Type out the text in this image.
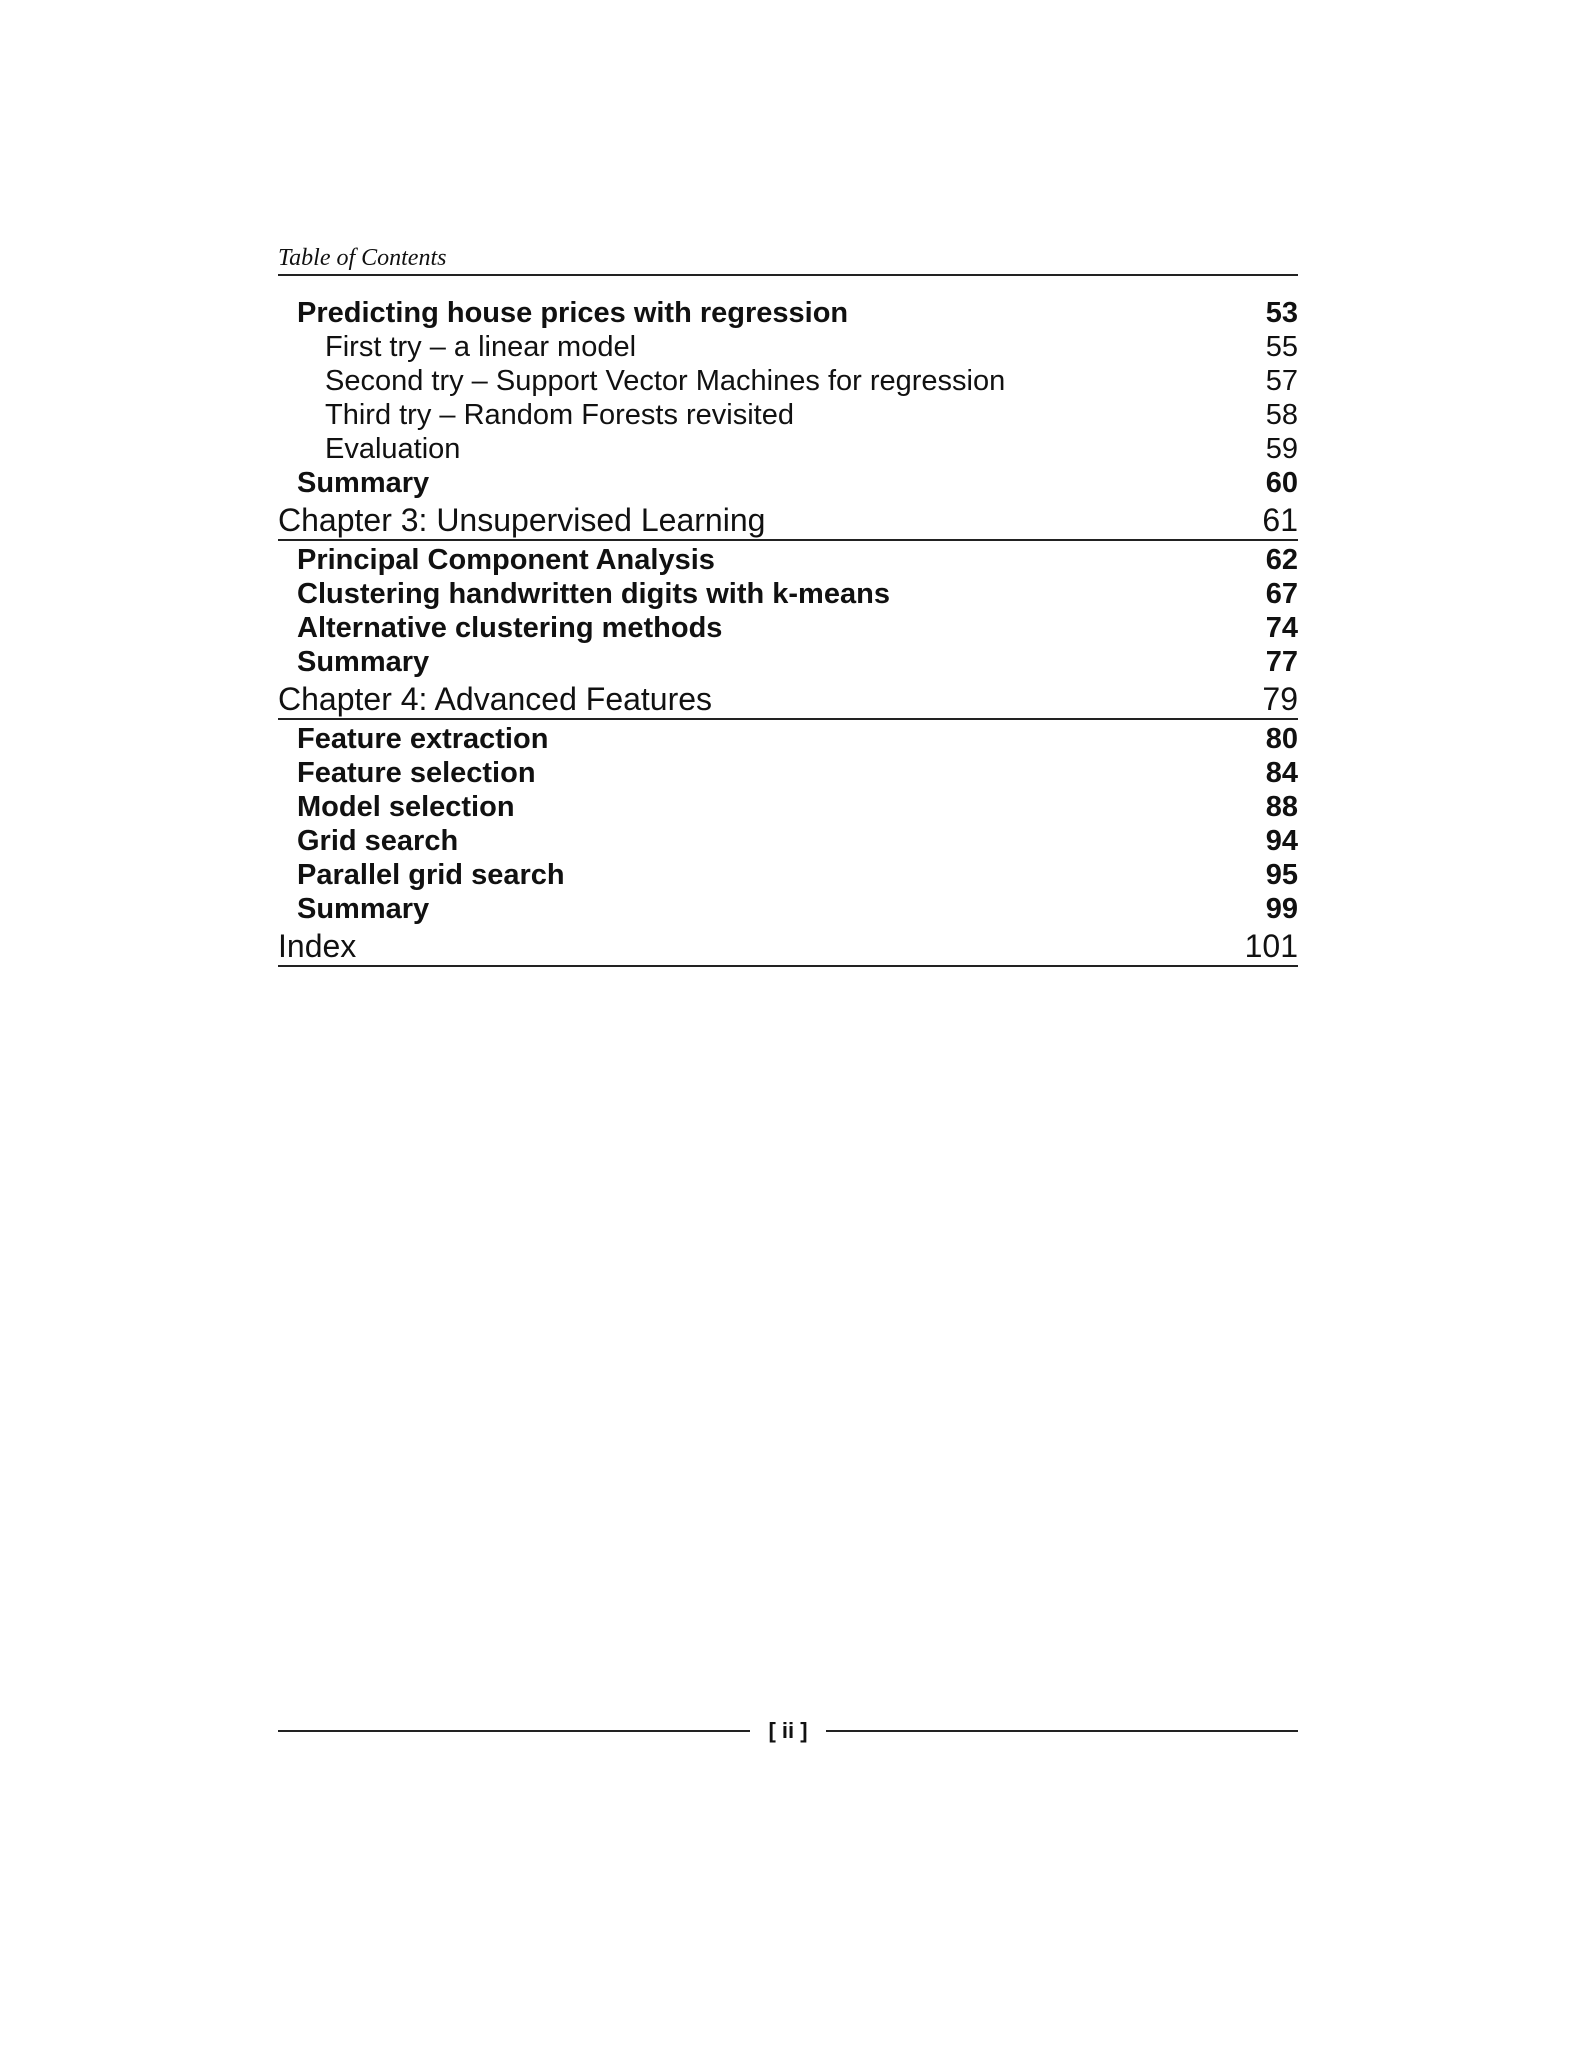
Table of Contents
Predicting house prices with regression	53
First try – a linear model	55
Second try – Support Vector Machines for regression	57
Third try – Random Forests revisited	58
Evaluation	59
Summary	60
Chapter 3: Unsupervised Learning	61
Principal Component Analysis	62
Clustering handwritten digits with k-means	67
Alternative clustering methods	74
Summary	77
Chapter 4: Advanced Features	79
Feature extraction	80
Feature selection	84
Model selection	88
Grid search	94
Parallel grid search	95
Summary	99
Index	101
[ ii ]
